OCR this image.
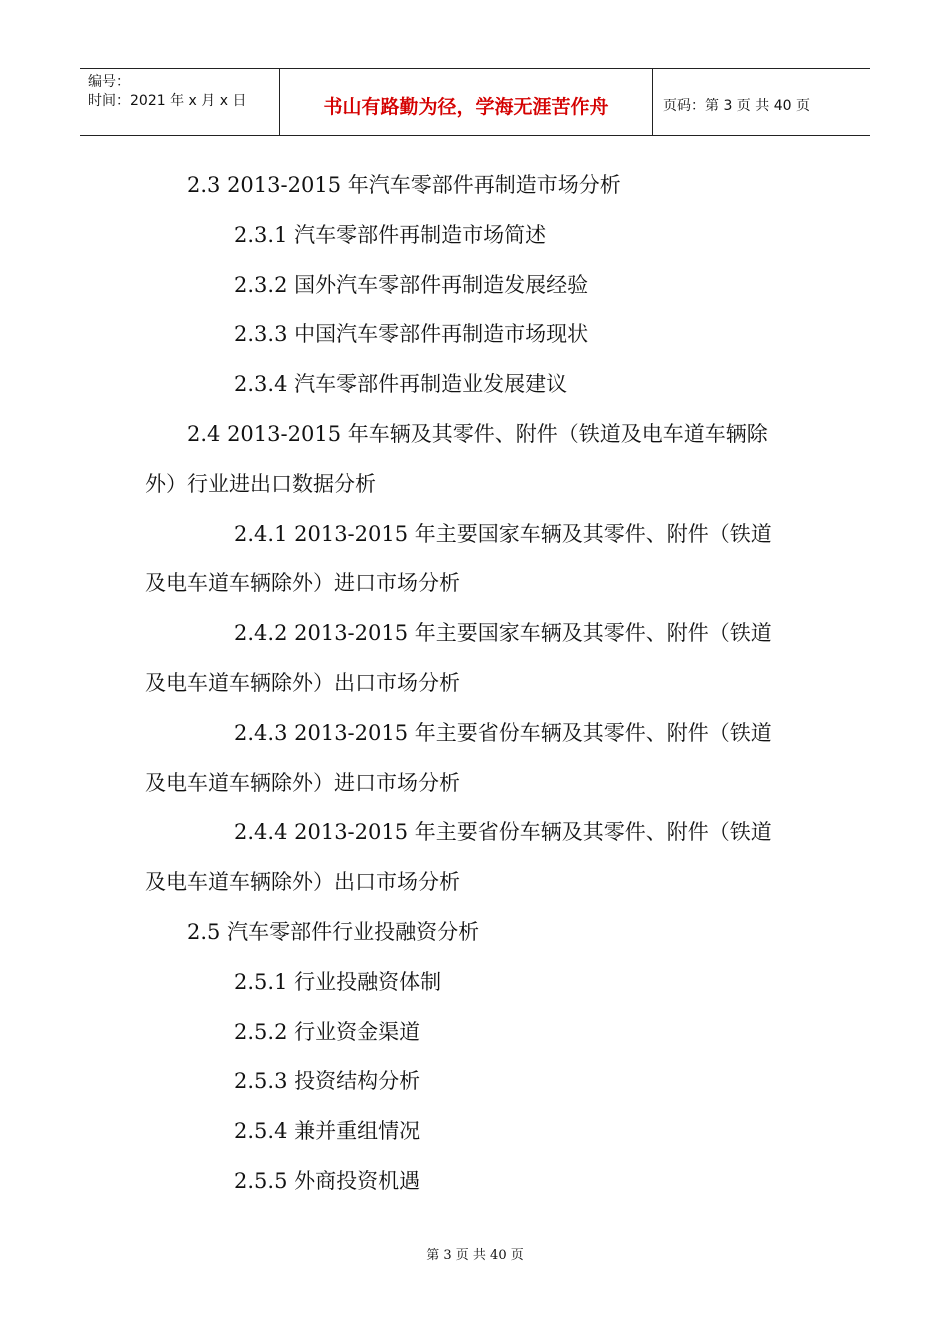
编号：
时间：2021 年 x 月 x 日	书山有路勤为径，学海无涯苦作舟	页码：第 3 页 共 40 页
2.3 2013-2015 年汽车零部件再制造市场分析
2.3.1 汽车零部件再制造市场简述
2.3.2 国外汽车零部件再制造发展经验
2.3.3 中国汽车零部件再制造市场现状
2.3.4 汽车零部件再制造业发展建议
2.4 2013-2015 年车辆及其零件、附件（铁道及电车道车辆除
外）行业进出口数据分析
2.4.1 2013-2015 年主要国家车辆及其零件、附件（铁道
及电车道车辆除外）进口市场分析
2.4.2 2013-2015 年主要国家车辆及其零件、附件（铁道
及电车道车辆除外）出口市场分析
2.4.3 2013-2015 年主要省份车辆及其零件、附件（铁道
及电车道车辆除外）进口市场分析
2.4.4 2013-2015 年主要省份车辆及其零件、附件（铁道
及电车道车辆除外）出口市场分析
2.5 汽车零部件行业投融资分析
2.5.1 行业投融资体制
2.5.2 行业资金渠道
2.5.3 投资结构分析
2.5.4 兼并重组情况
2.5.5 外商投资机遇
第 3 页 共 40 页
